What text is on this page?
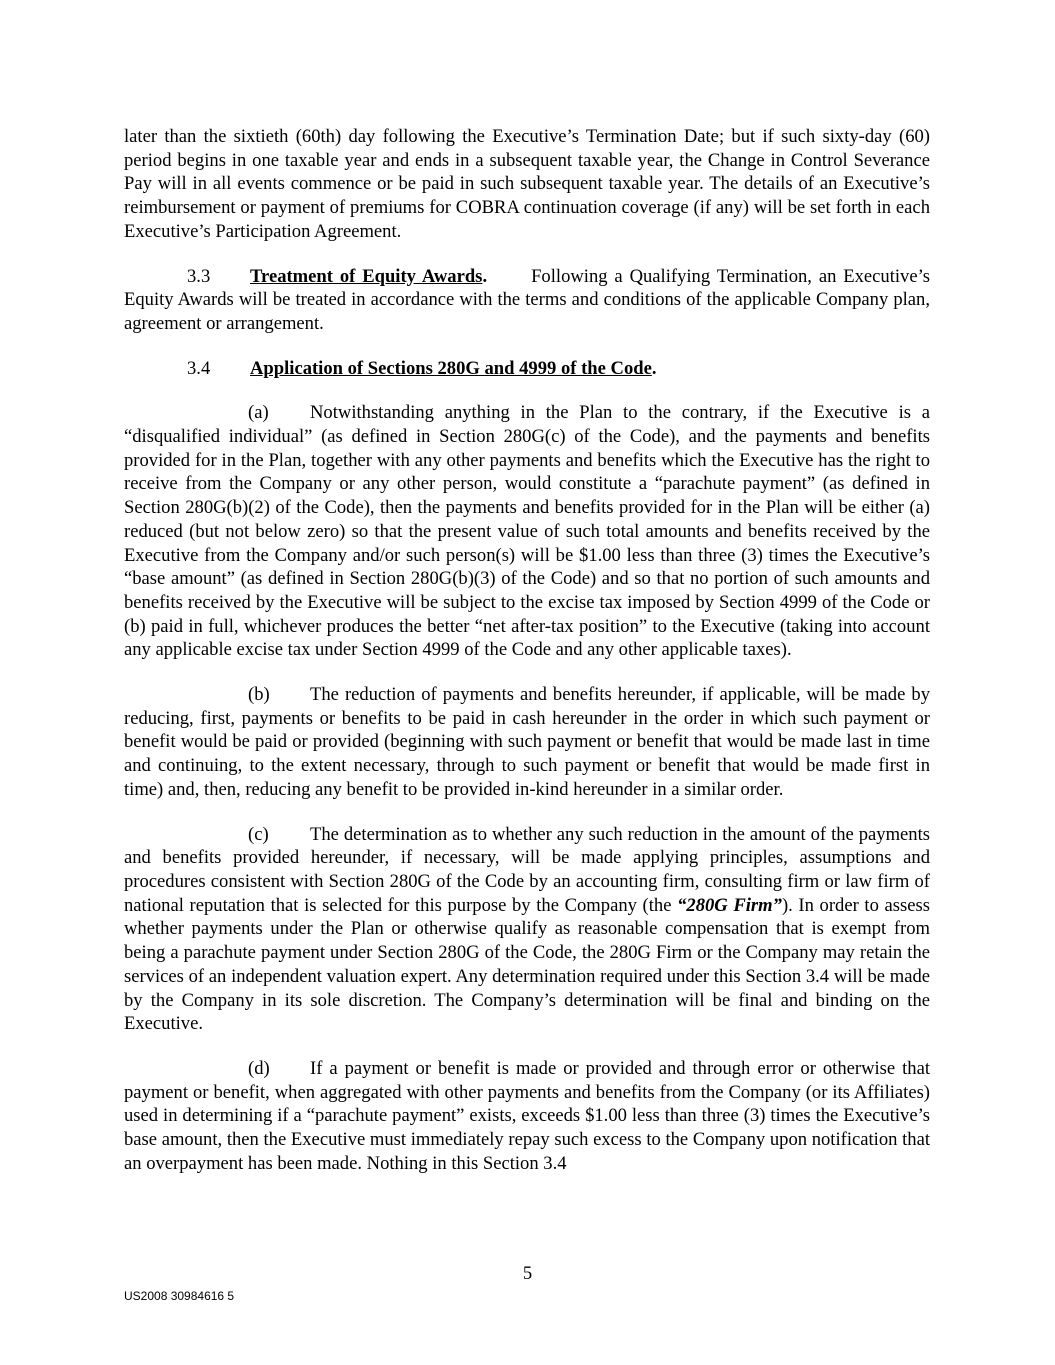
later than the sixtieth (60th) day following the Executive’s Termination Date; but if such sixty-day (60) period begins in one taxable year and ends in a subsequent taxable year, the Change in Control Severance Pay will in all events commence or be paid in such subsequent taxable year. The details of an Executive’s reimbursement or payment of premiums for COBRA continuation coverage (if any) will be set forth in each Executive’s Participation Agreement.

3.3 Treatment of Equity Awards. Following a Qualifying Termination, an Executive’s Equity Awards will be treated in accordance with the terms and conditions of the applicable Company plan, agreement or arrangement.

3.4 Application of Sections 280G and 4999 of the Code.

(a) Notwithstanding anything in the Plan to the contrary, if the Executive is a “disqualified individual” (as defined in Section 280G(c) of the Code), and the payments and benefits provided for in the Plan, together with any other payments and benefits which the Executive has the right to receive from the Company or any other person, would constitute a “parachute payment” (as defined in Section 280G(b)(2) of the Code), then the payments and benefits provided for in the Plan will be either (a) reduced (but not below zero) so that the present value of such total amounts and benefits received by the Executive from the Company and/or such person(s) will be $1.00 less than three (3) times the Executive’s “base amount” (as defined in Section 280G(b)(3) of the Code) and so that no portion of such amounts and benefits received by the Executive will be subject to the excise tax imposed by Section 4999 of the Code or (b) paid in full, whichever produces the better “net after-tax position” to the Executive (taking into account any applicable excise tax under Section 4999 of the Code and any other applicable taxes).

(b) The reduction of payments and benefits hereunder, if applicable, will be made by reducing, first, payments or benefits to be paid in cash hereunder in the order in which such payment or benefit would be paid or provided (beginning with such payment or benefit that would be made last in time and continuing, to the extent necessary, through to such payment or benefit that would be made first in time) and, then, reducing any benefit to be provided in-kind hereunder in a similar order.

(c) The determination as to whether any such reduction in the amount of the payments and benefits provided hereunder, if necessary, will be made applying principles, assumptions and procedures consistent with Section 280G of the Code by an accounting firm, consulting firm or law firm of national reputation that is selected for this purpose by the Company (the “280G Firm”). In order to assess whether payments under the Plan or otherwise qualify as reasonable compensation that is exempt from being a parachute payment under Section 280G of the Code, the 280G Firm or the Company may retain the services of an independent valuation expert. Any determination required under this Section 3.4 will be made by the Company in its sole discretion. The Company’s determination will be final and binding on the Executive.

(d) If a payment or benefit is made or provided and through error or otherwise that payment or benefit, when aggregated with other payments and benefits from the Company (or its Affiliates) used in determining if a “parachute payment” exists, exceeds $1.00 less than three (3) times the Executive’s base amount, then the Executive must immediately repay such excess to the Company upon notification that an overpayment has been made. Nothing in this Section 3.4

5
US2008 30984616 5
